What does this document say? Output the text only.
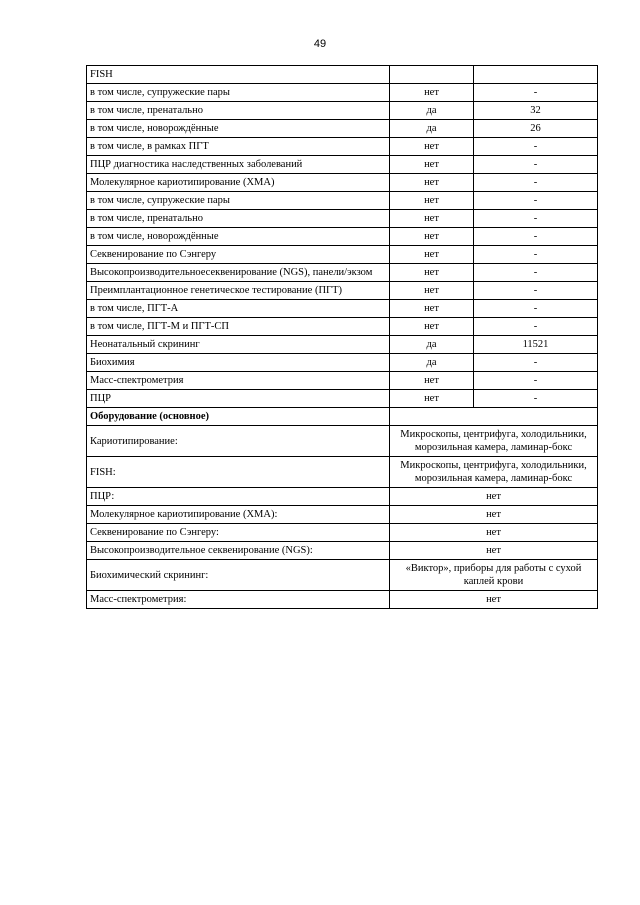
49
FISH		
в том числе, супружеские пары	нет	-
в том числе, пренатально	да	32
в том числе, новорождённые	да	26
в том числе, в рамках ПГТ	нет	-
ПЦР диагностика наследственных заболеваний	нет	-
Молекулярное кариотипирование (ХМА)	нет	-
в том числе, супружеские пары	нет	-
в том числе, пренатально	нет	-
в том числе, новорождённые	нет	-
Секвенирование по Сэнгеру	нет	-
Высокопроизводительноесеквенирование (NGS), панели/экзом	нет	-
Преимплантационное генетическое тестирование (ПГТ)	нет	-
в том числе, ПГТ-А	нет	-
в том числе, ПГТ-М и ПГТ-СП	нет	-
Неонатальный скрининг	да	11521
Биохимия	да	-
Масс-спектрометрия	нет	-
ПЦР	нет	-
Оборудование (основное)		
Кариотипирование:	Микроскопы, центрифуга, холодильники, морозильная камера, ламинар-бокс	
FISH:	Микроскопы, центрифуга, холодильники, морозильная камера, ламинар-бокс	
ПЦР:	нет	
Молекулярное кариотипирование (ХМА):	нет	
Секвенирование по Сэнгеру:	нет	
Высокопроизводительное секвенирование (NGS):	нет	
Биохимический скрининг:	«Виктор», приборы для работы с сухой каплей крови	
Масс-спектрометрия:	нет	
